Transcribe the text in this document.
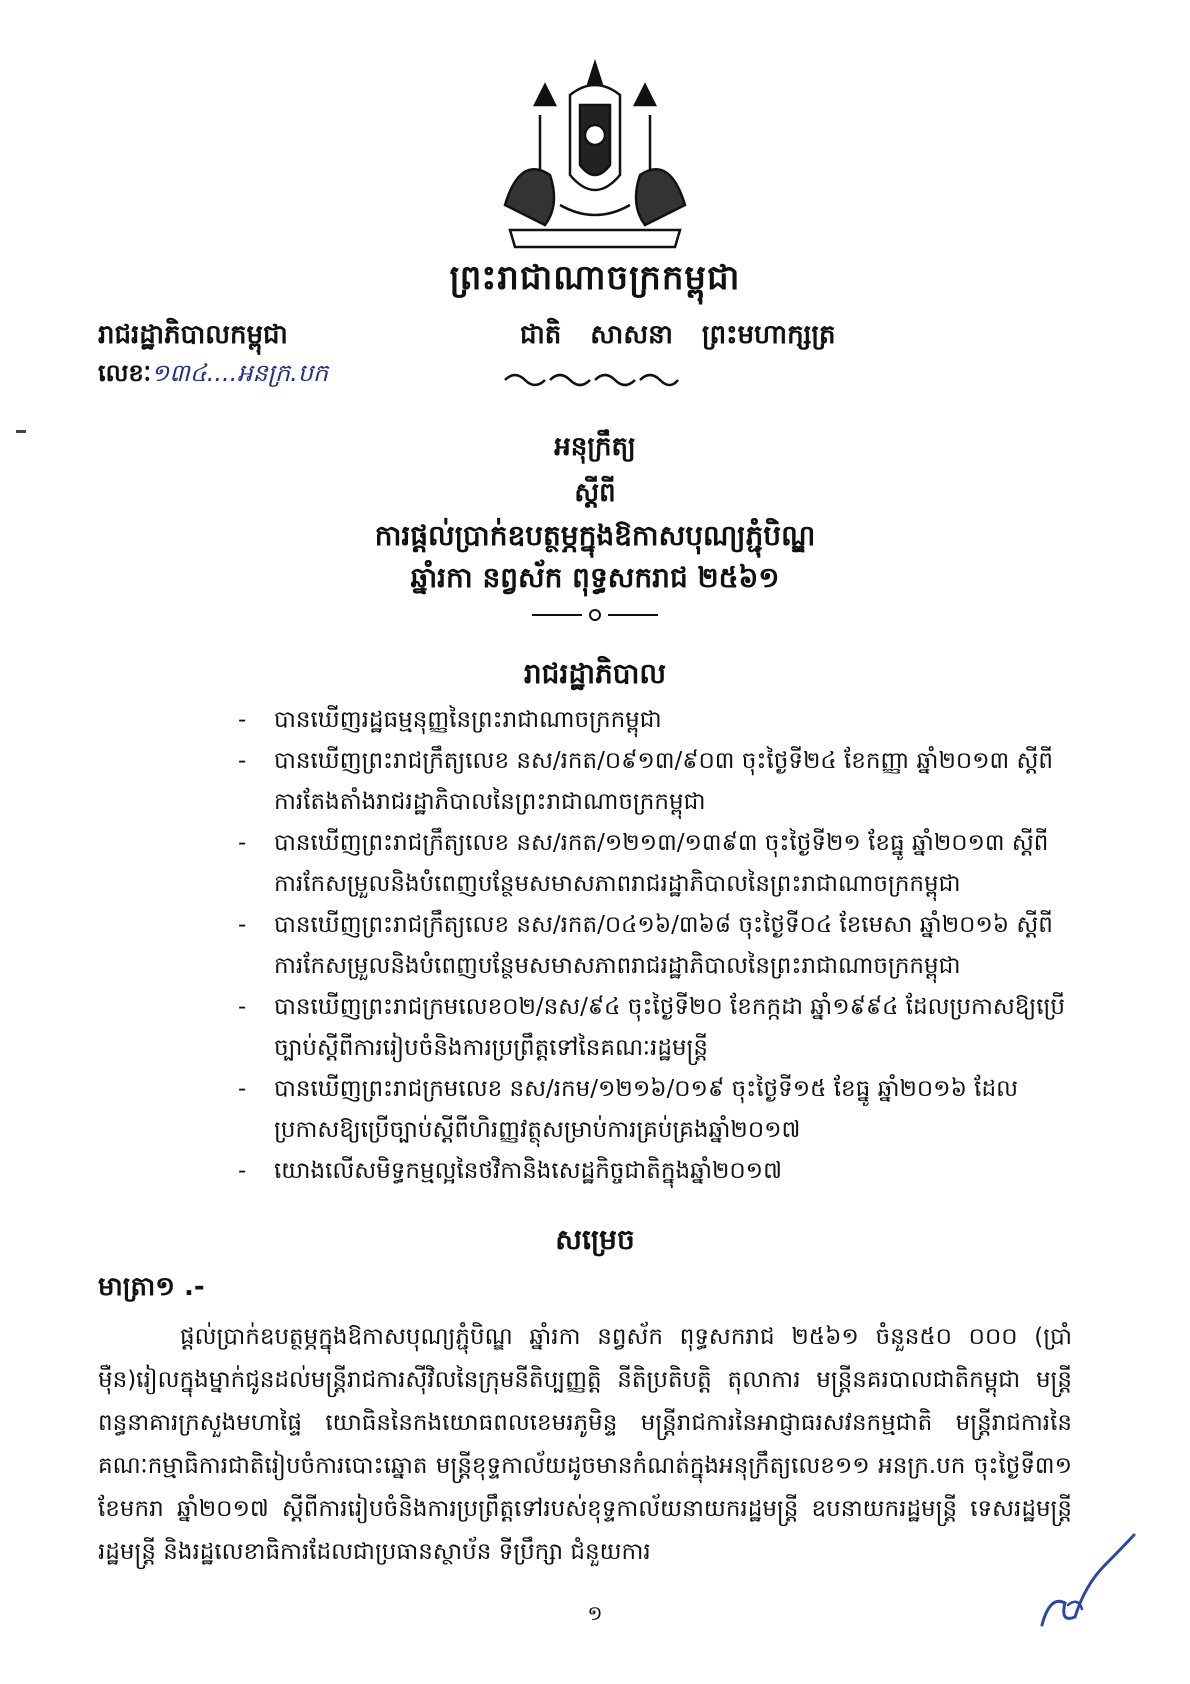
ព្រះរាជាណាចក្រកម្ពុជា
រាជរដ្ឋាភិបាលកម្ពុជា	ជាតិ សាសនា ព្រះមហាក្សត្រ
លេខៈ១៣៤....អនក្រ.បក
អនុក្រឹត្យ
ស្តីពី
ការផ្តល់ប្រាក់ឧបត្ថម្ភក្នុងឱកាសបុណ្យភ្ជុំបិណ្ឌ
ឆ្នាំរកា នព្វស័ក ពុទ្ធសករាជ ២៥៦១
រាជរដ្ឋាភិបាល
- បានឃើញរដ្ឋធម្មនុញ្ញនៃព្រះរាជាណាចក្រកម្ពុជា
- បានឃើញព្រះរាជក្រឹត្យលេខ នស/រកត/០៩១៣/៩០៣ ចុះថ្ងៃទី២៤ ខែកញ្ញា ឆ្នាំ២០១៣ ស្តីពីការតែងតាំងរាជរដ្ឋាភិបាលនៃព្រះរាជាណាចក្រកម្ពុជា
- បានឃើញព្រះរាជក្រឹត្យលេខ នស/រកត/១២១៣/១៣៩៣ ចុះថ្ងៃទី២១ ខែធ្នូ ឆ្នាំ២០១៣ ស្តីពីការកែសម្រួលនិងបំពេញបន្ថែមសមាសភាពរាជរដ្ឋាភិបាលនៃព្រះរាជាណាចក្រកម្ពុជា
- បានឃើញព្រះរាជក្រឹត្យលេខ នស/រកត/០៤១៦/៣៦៨ ចុះថ្ងៃទី០៤ ខែមេសា ឆ្នាំ២០១៦ ស្តីពីការកែសម្រួលនិងបំពេញបន្ថែមសមាសភាពរាជរដ្ឋាភិបាលនៃព្រះរាជាណាចក្រកម្ពុជា
- បានឃើញព្រះរាជក្រមលេខ០២/នស/៩៤ ចុះថ្ងៃទី២០ ខែកក្កដា ឆ្នាំ១៩៩៤ ដែលប្រកាសឱ្យប្រើច្បាប់ស្តីពីការរៀបចំនិងការប្រព្រឹត្តទៅនៃគណៈរដ្ឋមន្ត្រី
- បានឃើញព្រះរាជក្រមលេខ នស/រកម/១២១៦/០១៩ ចុះថ្ងៃទី១៥ ខែធ្នូ ឆ្នាំ២០១៦ ដែលប្រកាសឱ្យប្រើច្បាប់ស្តីពីហិរញ្ញវត្ថុសម្រាប់ការគ្រប់គ្រងឆ្នាំ២០១៧
- យោងលើសមិទ្ធកម្មល្អនៃថវិកានិងសេដ្ឋកិច្ចជាតិក្នុងឆ្នាំ២០១៧
សម្រេច
មាត្រា១ .-

ផ្តល់ប្រាក់ឧបត្ថម្ភក្នុងឱកាសបុណ្យភ្ជុំបិណ្ឌ ឆ្នាំរកា នព្វស័ក ពុទ្ធសករាជ ២៥៦១ ចំនួន៥០ ០០០ (ប្រាំម៉ឺន)រៀលក្នុងម្នាក់ជូនដល់មន្ត្រីរាជការស៊ីវិលនៃក្រុមនីតិប្បញ្ញត្តិ នីតិប្រតិបត្តិ តុលាការ មន្ត្រីនគរបាលជាតិកម្ពុជា មន្ត្រីពន្ធនាគារក្រសួងមហាផ្ទៃ យោធិននៃកងយោធពលខេមរភូមិន្ទ មន្ត្រីរាជការនៃអាជ្ញាធរសវនកម្មជាតិ មន្ត្រីរាជការនៃគណៈកម្មាធិការជាតិរៀបចំការបោះឆ្នោត មន្ត្រីខុទ្ទកាល័យដូចមានកំណត់ក្នុងអនុក្រឹត្យលេខ១១ អនក្រ.បក ចុះថ្ងៃទី៣១ ខែមករា ឆ្នាំ២០១៧ ស្តីពីការរៀបចំនិងការប្រព្រឹត្តទៅរបស់ខុទ្ទកាល័យនាយករដ្ឋមន្ត្រី ឧបនាយករដ្ឋមន្ត្រី ទេសរដ្ឋមន្ត្រី រដ្ឋមន្ត្រី និងរដ្ឋលេខាធិការដែលជាប្រធានស្ថាប័ន ទីប្រឹក្សា ជំនួយការ

១
